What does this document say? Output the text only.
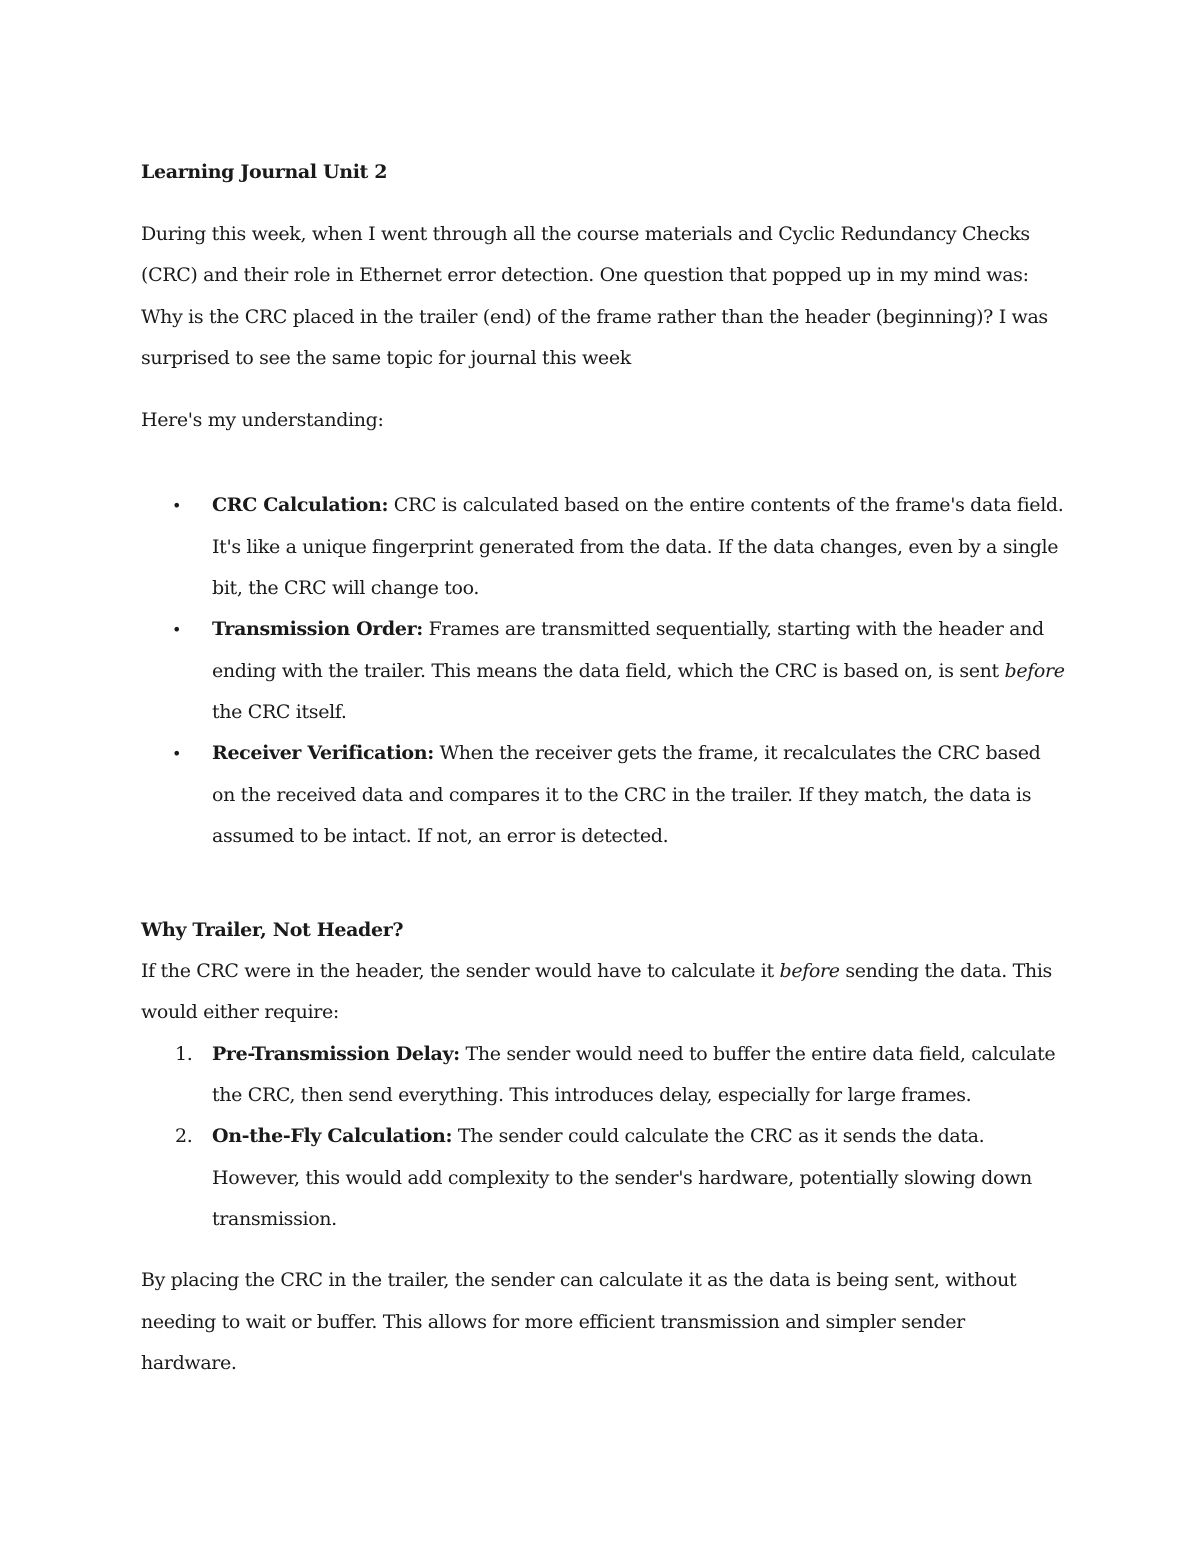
Learning Journal Unit 2

During this week, when I went through all the course materials and Cyclic Redundancy Checks (CRC) and their role in Ethernet error detection. One question that popped up in my mind was: Why is the CRC placed in the trailer (end) of the frame rather than the header (beginning)? I was surprised to see the same topic for journal this week

Here's my understanding:

• CRC Calculation: CRC is calculated based on the entire contents of the frame's data field. It's like a unique fingerprint generated from the data. If the data changes, even by a single bit, the CRC will change too.
• Transmission Order: Frames are transmitted sequentially, starting with the header and ending with the trailer. This means the data field, which the CRC is based on, is sent before the CRC itself.
• Receiver Verification: When the receiver gets the frame, it recalculates the CRC based on the received data and compares it to the CRC in the trailer. If they match, the data is assumed to be intact. If not, an error is detected.
Why Trailer, Not Header?

If the CRC were in the header, the sender would have to calculate it before sending the data. This would either require:

1. Pre-Transmission Delay: The sender would need to buffer the entire data field, calculate the CRC, then send everything. This introduces delay, especially for large frames.
2. On-the-Fly Calculation: The sender could calculate the CRC as it sends the data. However, this would add complexity to the sender's hardware, potentially slowing down transmission.

By placing the CRC in the trailer, the sender can calculate it as the data is being sent, without needing to wait or buffer. This allows for more efficient transmission and simpler sender hardware.
